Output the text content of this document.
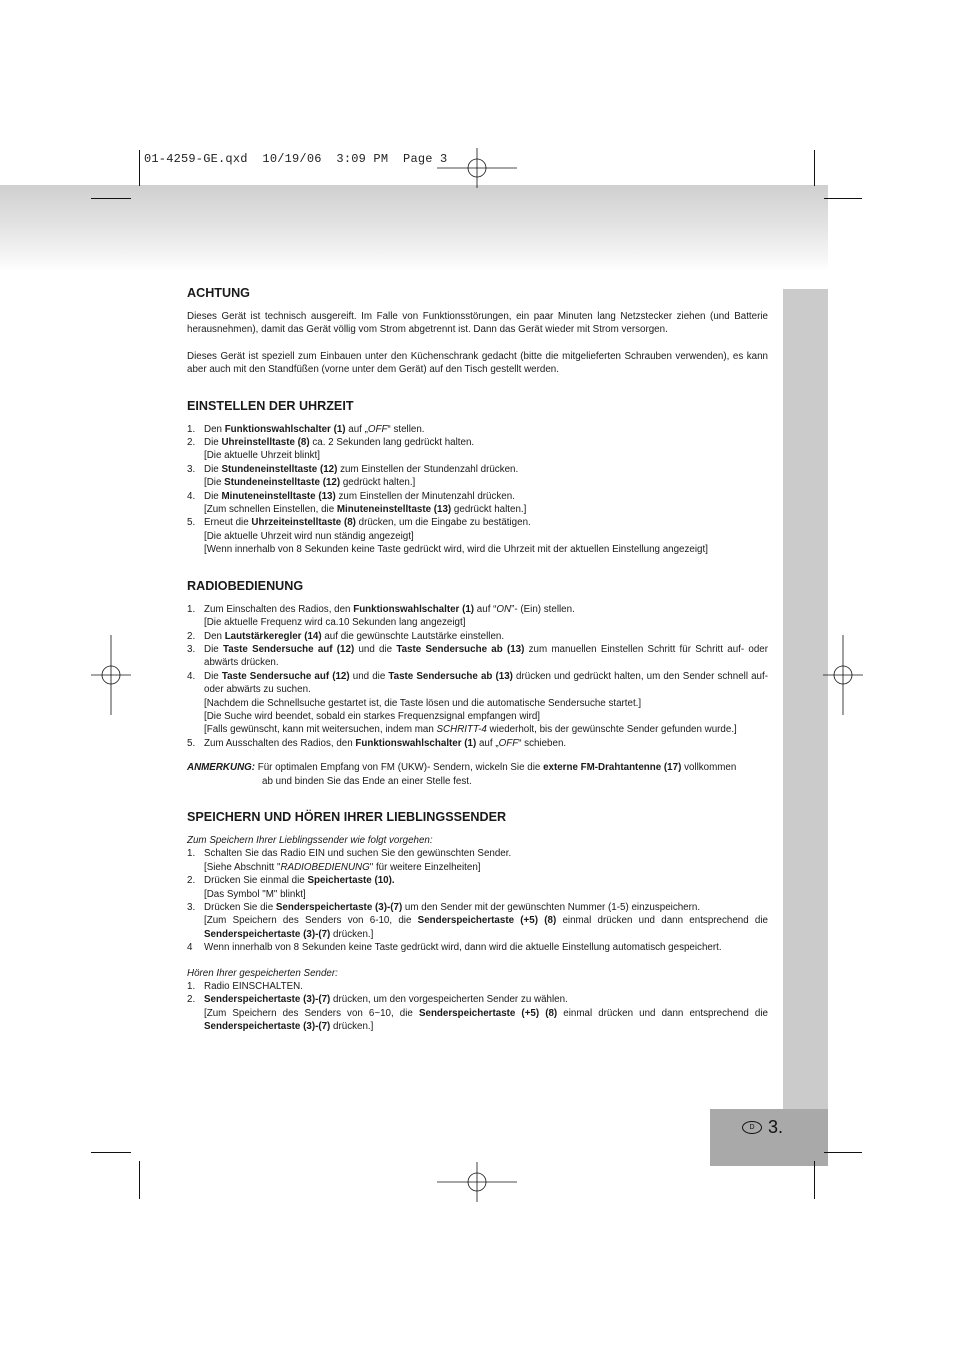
01-4259-GE.qxd  10/19/06  3:09 PM  Page 3
D 3.
ACHTUNG

Dieses Gerät ist technisch ausgereift. Im Falle von Funktionsstörungen, ein paar Minuten lang Netzstecker ziehen (und Batterie herausnehmen), damit das Gerät völlig vom Strom abgetrennt ist. Dann das Gerät wieder mit Strom versorgen.

Dieses Gerät ist speziell zum Einbauen unter den Küchenschrank gedacht (bitte die mitgelieferten Schrauben verwenden), es kann aber auch mit den Standfüßen (vorne unter dem Gerät) auf den Tisch gestellt werden.

EINSTELLEN DER UHRZEIT
1. Den Funktionswahlschalter (1) auf „OFF“ stellen.
2. Die Uhreinstelltaste (8) ca. 2 Sekunden lang gedrückt halten.
[Die aktuelle Uhrzeit blinkt]
3. Die Stundeneinstelltaste (12) zum Einstellen der Stundenzahl drücken.
[Die Stundeneinstelltaste (12) gedrückt halten.]
4. Die Minuteneinstelltaste (13) zum Einstellen der Minutenzahl drücken.
[Zum schnellen Einstellen, die Minuteneinstelltaste (13) gedrückt halten.]
5. Erneut die Uhrzeiteinstelltaste (8) drücken, um die Eingabe zu bestätigen.
[Die aktuelle Uhrzeit wird nun ständig angezeigt]
[Wenn innerhalb von 8 Sekunden keine Taste gedrückt wird, wird die Uhrzeit mit der aktuellen Einstellung angezeigt]
RADIOBEDIENUNG
1. Zum Einschalten des Radios, den Funktionswahlschalter (1) auf “ON”- (Ein) stellen.
[Die aktuelle Frequenz wird ca.10 Sekunden lang angezeigt]
2. Den Lautstärkeregler (14) auf die gewünschte Lautstärke einstellen.
3. Die Taste Sendersuche auf (12) und die Taste Sendersuche ab (13) zum manuellen Einstellen Schritt für Schritt auf- oder abwärts drücken.
4. Die Taste Sendersuche auf (12) und die Taste Sendersuche ab (13) drücken und gedrückt halten, um den Sender schnell auf- oder abwärts zu suchen.
[Nachdem die Schnellsuche gestartet ist, die Taste lösen und die automatische Sendersuche startet.]
[Die Suche wird beendet, sobald ein starkes Frequenzsignal empfangen wird]
[Falls gewünscht, kann mit weitersuchen, indem man SCHRITT-4 wiederholt, bis der gewünschte Sender gefunden wurde.]
5. Zum Ausschalten des Radios, den Funktionswahlschalter (1) auf „OFF“ schieben.
ANMERKUNG: Für optimalen Empfang von FM (UKW)- Sendern, wickeln Sie die externe FM-Drahtantenne (17) vollkommen
ab und binden Sie das Ende an einer Stelle fest.
SPEICHERN UND HÖREN IHRER LIEBLINGSSENDER

Zum Speichern Ihrer Lieblingssender wie folgt vorgehen:

1. Schalten Sie das Radio EIN und suchen Sie den gewünschten Sender.
[Siehe Abschnitt "RADIOBEDIENUNG" für weitere Einzelheiten]
2. Drücken Sie einmal die Speichertaste (10).
[Das Symbol "M" blinkt]
3. Drücken Sie die Senderspeichertaste (3)-(7) um den Sender mit der gewünschten Nummer (1-5) einzuspeichern.
[Zum Speichern des Senders von 6-10, die Senderspeichertaste (+5) (8) einmal drücken und dann entsprechend die Senderspeichertaste (3)-(7) drücken.]
4	Wenn innerhalb von 8 Sekunden keine Taste gedrückt wird, dann wird die aktuelle Einstellung automatisch gespeichert.

Hören Ihrer gespeicherten Sender:

1. Radio EINSCHALTEN.
2. Senderspeichertaste (3)-(7) drücken, um den vorgespeicherten Sender zu wählen.
[Zum Speichern des Senders von 6~10, die Senderspeichertaste (+5) (8) einmal drücken und dann entsprechend die Senderspeichertaste (3)-(7) drücken.]
